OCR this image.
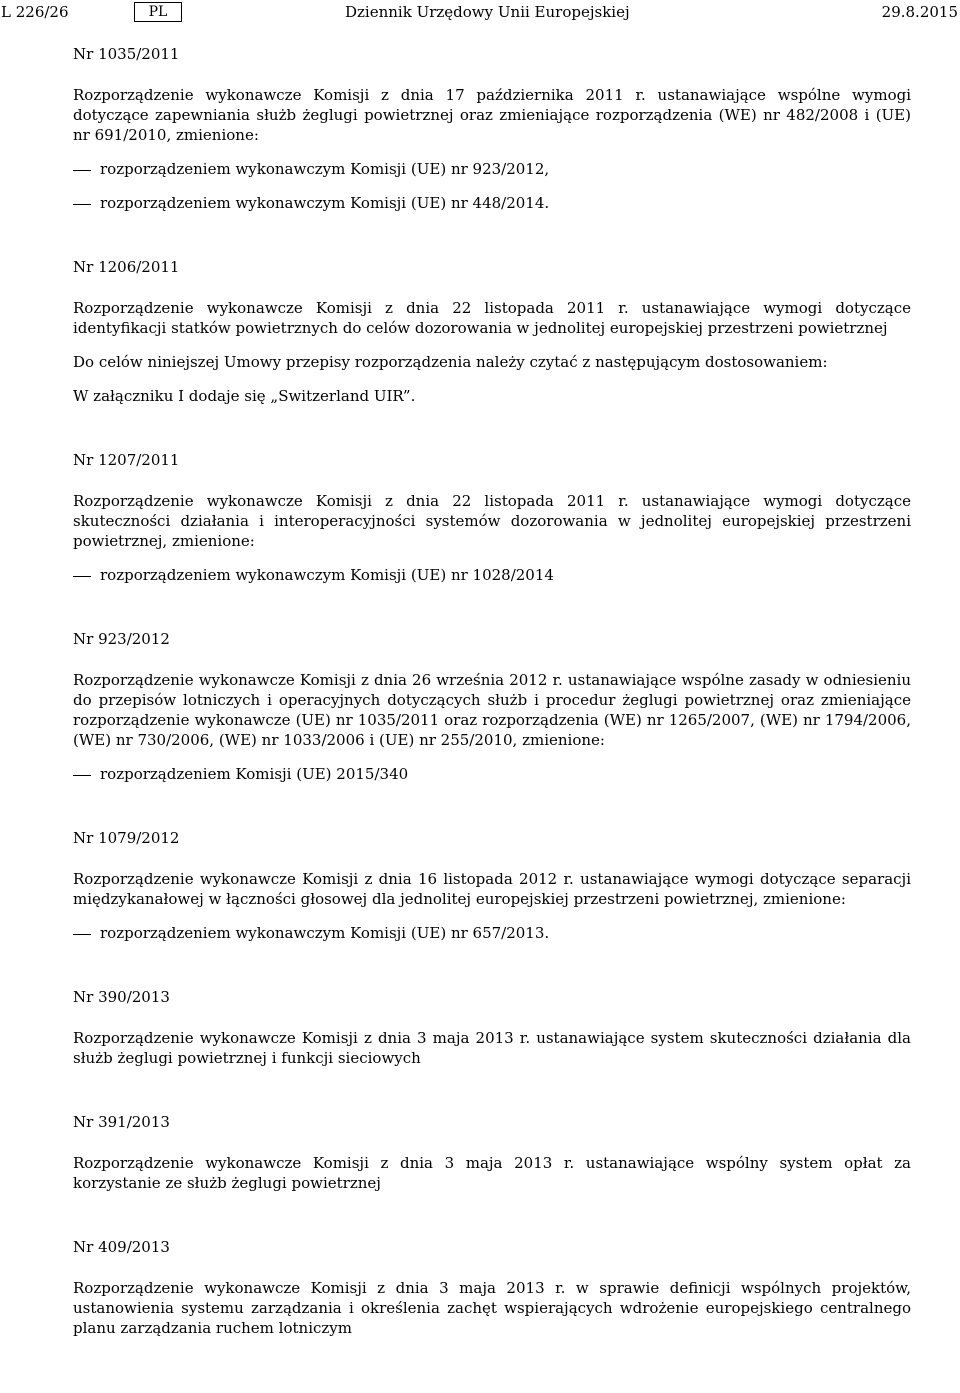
L 226/26	PL	Dziennik Urzędowy Unii Europejskiej	29.8.2015
Nr 1035/2011

Rozporządzenie wykonawcze Komisji z dnia 17 października 2011 r. ustanawiające wspólne wymogi dotyczące zapewniania służb żeglugi powietrznej oraz zmieniające rozporządzenia (WE) nr 482/2008 i (UE) nr 691/2010, zmienione:

rozporządzeniem wykonawczym Komisji (UE) nr 923/2012,

rozporządzeniem wykonawczym Komisji (UE) nr 448/2014.

Nr 1206/2011

Rozporządzenie wykonawcze Komisji z dnia 22 listopada 2011 r. ustanawiające wymogi dotyczące identyfikacji statków powietrznych do celów dozorowania w jednolitej europejskiej przestrzeni powietrznej

Do celów niniejszej Umowy przepisy rozporządzenia należy czytać z następującym dostosowaniem:

W załączniku I dodaje się „Switzerland UIR”.

Nr 1207/2011

Rozporządzenie wykonawcze Komisji z dnia 22 listopada 2011 r. ustanawiające wymogi dotyczące skuteczności działania i interoperacyjności systemów dozorowania w jednolitej europejskiej przestrzeni powietrznej, zmienione:

rozporządzeniem wykonawczym Komisji (UE) nr 1028/2014

Nr 923/2012

Rozporządzenie wykonawcze Komisji z dnia 26 września 2012 r. ustanawiające wspólne zasady w odniesieniu do przepisów lotniczych i operacyjnych dotyczących służb i procedur żeglugi powietrznej oraz zmieniające rozporządzenie wykonawcze (UE) nr 1035/2011 oraz rozporządzenia (WE) nr 1265/2007, (WE) nr 1794/2006, (WE) nr 730/2006, (WE) nr 1033/2006 i (UE) nr 255/2010, zmienione:

rozporządzeniem Komisji (UE) 2015/340

Nr 1079/2012

Rozporządzenie wykonawcze Komisji z dnia 16 listopada 2012 r. ustanawiające wymogi dotyczące separacji międzykanałowej w łączności głosowej dla jednolitej europejskiej przestrzeni powietrznej, zmienione:

rozporządzeniem wykonawczym Komisji (UE) nr 657/2013.

Nr 390/2013

Rozporządzenie wykonawcze Komisji z dnia 3 maja 2013 r. ustanawiające system skuteczności działania dla służb żeglugi powietrznej i funkcji sieciowych

Nr 391/2013

Rozporządzenie wykonawcze Komisji z dnia 3 maja 2013 r. ustanawiające wspólny system opłat za korzystanie ze służb żeglugi powietrznej

Nr 409/2013

Rozporządzenie wykonawcze Komisji z dnia 3 maja 2013 r. w sprawie definicji wspólnych projektów, ustanowienia systemu zarządzania i określenia zachęt wspierających wdrożenie europejskiego centralnego planu zarządzania ruchem lotniczym
